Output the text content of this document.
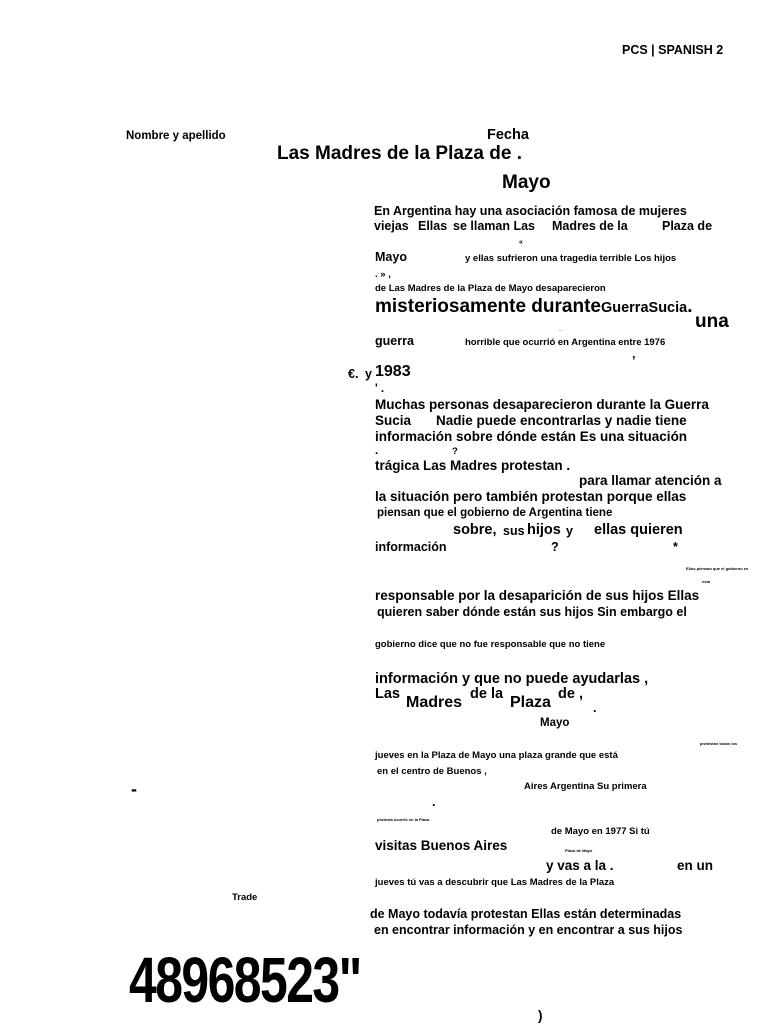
PCS | SPANISH 2
Nombre y apellido	Fecha
Las Madres de la Plaza de .
Mayo
En Argentina hay una asociación famosa de mujeres
viejas Ellas se llaman Las Madres de la	Plaza de
«
Mayo	y ellas sufrieron una tragedia terrible Los hijos
. » ,
de Las Madres de la Plaza de Mayo desaparecieron
misteriosamente duranteGuerraSucia.
una
..
guerra	horrible que ocurrió en Argentina entre 1976
’
€. y 1983
' .
Muchas personas desaparecieron durante la Guerra
Sucia Nadie puede encontrarlas y nadie tiene
información sobre dónde están Es una situación
.	?
trágica Las Madres protestan .
para llamar atención a
la situación pero también protestan porque ellas
piensan que el gobierno de Argentina tiene
sobre, sus hijos y ellas quieren
información	?	*
Ellos piensan que el gobierno es
esta
responsable por la desaparición de sus hijos Ellas
quieren saber dónde están sus hijos Sin embargo el
gobierno dice que no fue responsable que no tiene
información y que no puede ayudarlas ,
Las Madres de la Plaza de ,
.
Mayo
protestan todos los
jueves en la Plaza de Mayo una plaza grande que está
en el centro de Buenos ,
Aires Argentina Su primera
.
protesta ocurrió en la Plaza .
de Mayo en 1977 Si tú
Plaza de Mayo
visitas Buenos Aires
y vas a la .	en un
jueves tú vas a descubrir que Las Madres de la Plaza
de Mayo todavía protestan Ellas están determinadas
en encontrar información y en encontrar a sus hijos
-
Trade
48968523"	)
